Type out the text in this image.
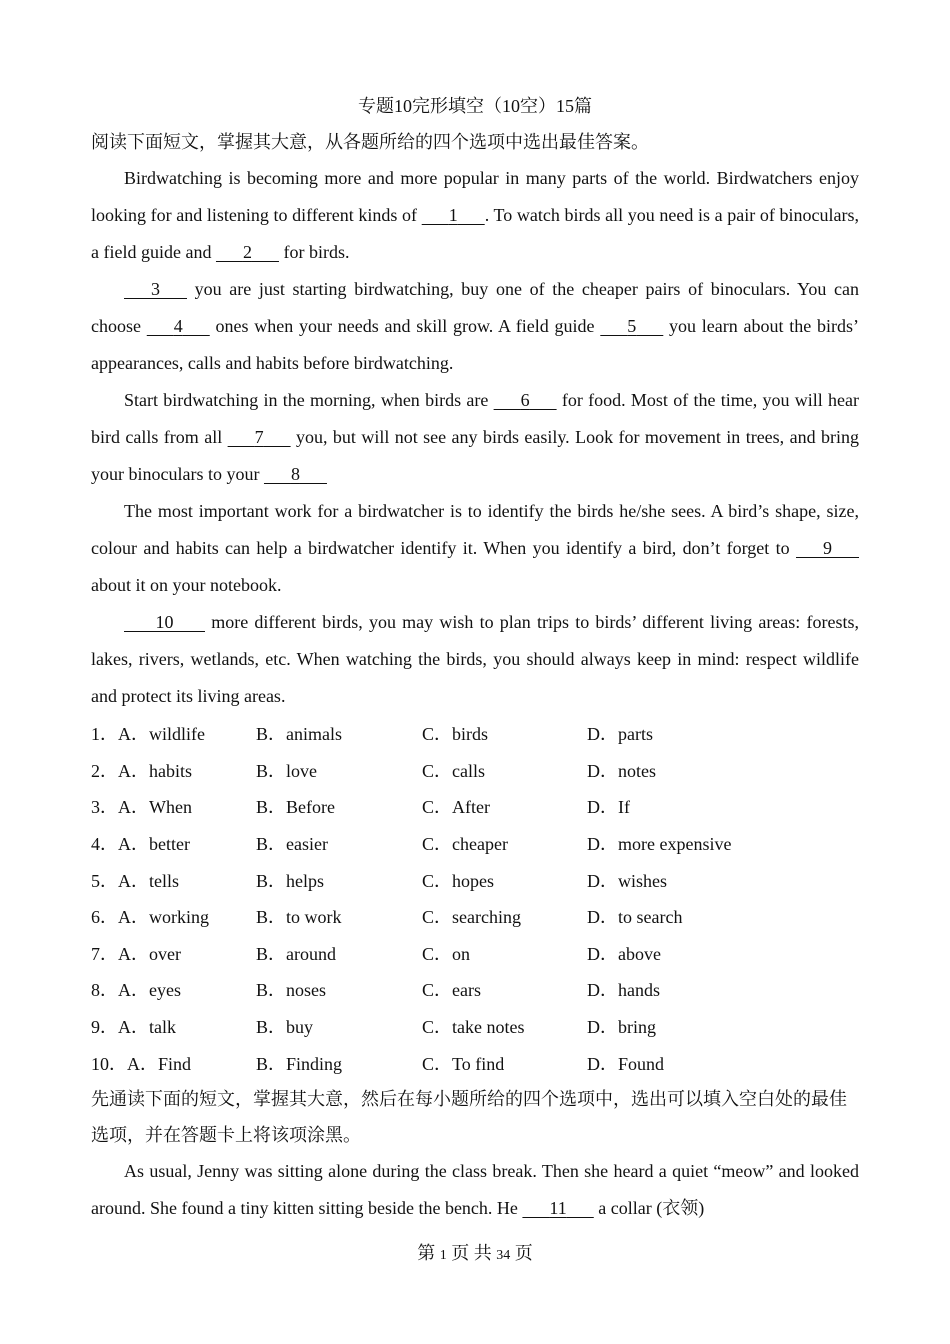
专题10完形填空（10空）15篇

阅读下面短文，掌握其大意，从各题所给的四个选项中选出最佳答案。

Birdwatching is becoming more and more popular in many parts of the world. Birdwatchers enjoy looking for and listening to different kinds of       1 . To watch birds all you need is a pair of binoculars, a field guide and       2       for birds.

3       you are just starting birdwatching, buy one of the cheaper pairs of binoculars. You can choose       4       ones when your needs and skill grow. A field guide       5       you learn about the birds’ appearances, calls and habits before birdwatching.

Start birdwatching in the morning, when birds are       6       for food. Most of the time, you will hear bird calls from all       7       you, but will not see any birds easily. Look for movement in trees, and bring your binoculars to your       8

The most important work for a birdwatcher is to identify the birds he/she sees. A bird’s shape, size, colour and habits can help a birdwatcher identify it. When you identify a bird, don’t forget to       9       about it on your notebook.

10        more different birds, you may wish to plan trips to birds’ different living areas: forests, lakes, rivers, wetlands, etc. When watching the birds, you should always keep in mind: respect wildlife and protect its living areas.

1．A．wildlife	B．animals	C．birds	D．parts
2．A．habits	B．love	C．calls	D．notes
3．A．When	B．Before	C．After	D．If
4．A．better	B．easier	C．cheaper	D．more expensive
5．A．tells	B．helps	C．hopes	D．wishes
6．A．working	B．to work	C．searching	D．to search
7．A．over	B．around	C．on	D．above
8．A．eyes	B．noses	C．ears	D．hands
9．A．talk	B．buy	C．take notes	D．bring
10．A．Find	B．Finding	C．To find	D．Found

先通读下面的短文，掌握其大意，然后在每小题所给的四个选项中，选出可以填入空白处的最佳选项，并在答题卡上将该项涂黑。

As usual, Jenny was sitting alone during the class break. Then she heard a quiet “meow” and looked around. She found a tiny kitten sitting beside the bench. He       11       a collar (衣领)

第 1 页 共 34 页
